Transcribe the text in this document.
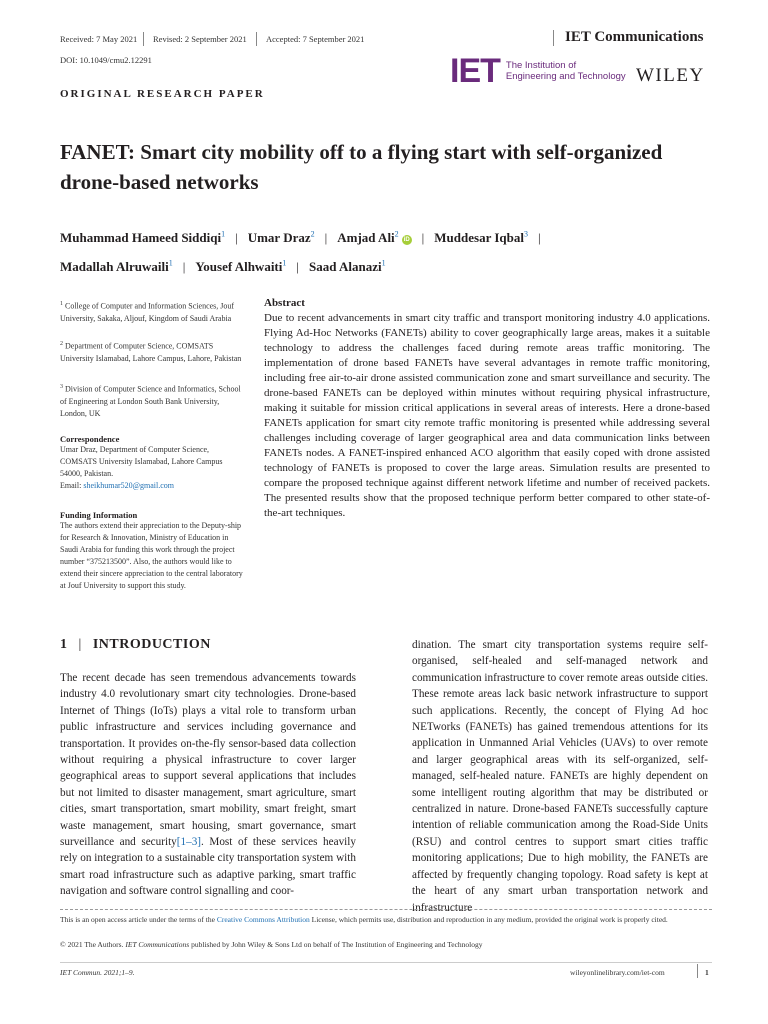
Received: 7 May 2021 Revised: 2 September 2021 Accepted: 7 September 2021	IET Communications
DOI: 10.1049/cmu2.12291	IET The Institution of
Engineering and Technology WILEY
ORIGINAL RESEARCH PAPER
FANET: Smart city mobility off to a flying start with self-organized drone-based networks
Muhammad Hameed Siddiqi$^1$ | Umar Draz$^2$ | Amjad Ali$^2$iD | Muddesar Iqbal$^3$ |
Madallah Alruwaili$^1$ | Yousef Alhwaiti$^1$ | Saad Alanazi$^1$
$^1$ College of Computer and Information Sciences, Jouf University, Sakaka, Aljouf, Kingdom of Saudi Arabia
$^2$ Department of Computer Science, COMSATS University Islamabad, Lahore Campus, Lahore, Pakistan
$^3$ Division of Computer Science and Informatics, School of Engineering at London South Bank University, London, UK
Correspondence
Umar Draz, Department of Computer Science, COMSATS University Islamabad, Lahore Campus 54000, Pakistan.
Email: sheikhumar520@gmail.com
Funding Information
The authors extend their appreciation to the Deputy-ship for Research & Innovation, Ministry of Education in Saudi Arabia for funding this work through the project number “375213500”. Also, the authors would like to extend their sincere appreciation to the central laboratory at Jouf University to support this study.
Abstract
Due to recent advancements in smart city traffic and transport monitoring industry 4.0 applications. Flying Ad-Hoc Networks (FANETs) ability to cover geographically large areas, makes it a suitable technology to address the challenges faced during remote areas traffic monitoring. The implementation of drone based FANETs have several advantages in remote traffic monitoring, including free air-to-air drone assisted communication zone and smart surveillance and security. The drone-based FANETs can be deployed within minutes without requiring physical infrastructure, making it suitable for mission critical applications in several areas of interests. Here a drone-based FANETs application for smart city remote traffic monitoring is presented while addressing several challenges including coverage of larger geographical area and data communication links between FANETs nodes. A FANET-inspired enhanced ACO algorithm that easily coped with drone assisted technology of FANETs is proposed to cover the large areas. Simulation results are presented to compare the proposed technique against different network lifetime and number of received packets. The presented results show that the proposed technique perform better compared to other state-of-the-art techniques.
1 | INTRODUCTION
The recent decade has seen tremendous advancements towards industry 4.0 revolutionary smart city technologies. Drone-based Internet of Things (IoTs) plays a vital role to transform urban public infrastructure and services including governance and transportation. It provides on-the-fly sensor-based data collection without requiring a physical infrastructure to cover larger geographical areas to support several applications that includes but not limited to disaster management, smart agriculture, smart cities, smart transportation, smart mobility, smart freight, smart waste management, smart housing, smart governance, smart surveillance and security[1–3]. Most of these services heavily rely on integration to a sustainable city transportation system with smart road infrastructure such as adaptive parking, smart traffic navigation and software control signalling and coor-
dination. The smart city transportation systems require self-organised, self-healed and self-managed network and communication infrastructure to cover remote areas outside cities. These remote areas lack basic network infrastructure to support such applications. Recently, the concept of Flying Ad hoc NETworks (FANETs) has gained tremendous attentions for its application in Unmanned Arial Vehicles (UAVs) to over remote and larger geographical areas with its self-organized, self-managed, self-healed nature. FANETs are highly dependent on some intelligent routing algorithm that may be distributed or centralized in nature. Drone-based FANETs successfully capture intention of reliable communication among the Road-Side Units (RSU) and control centres to support smart cities traffic monitoring applications; Due to high mobility, the FANETs are affected by frequently changing topology. Road safety is kept at the heart of any smart urban transportation network and infrastructure
This is an open access article under the terms of the Creative Commons Attribution License, which permits use, distribution and reproduction in any medium, provided the original work is properly cited.
© 2021 The Authors. IET Communications published by John Wiley & Sons Ltd on behalf of The Institution of Engineering and Technology
IET Commun. 2021;1–9.	wileyonlinelibrary.com/iet-com	1
